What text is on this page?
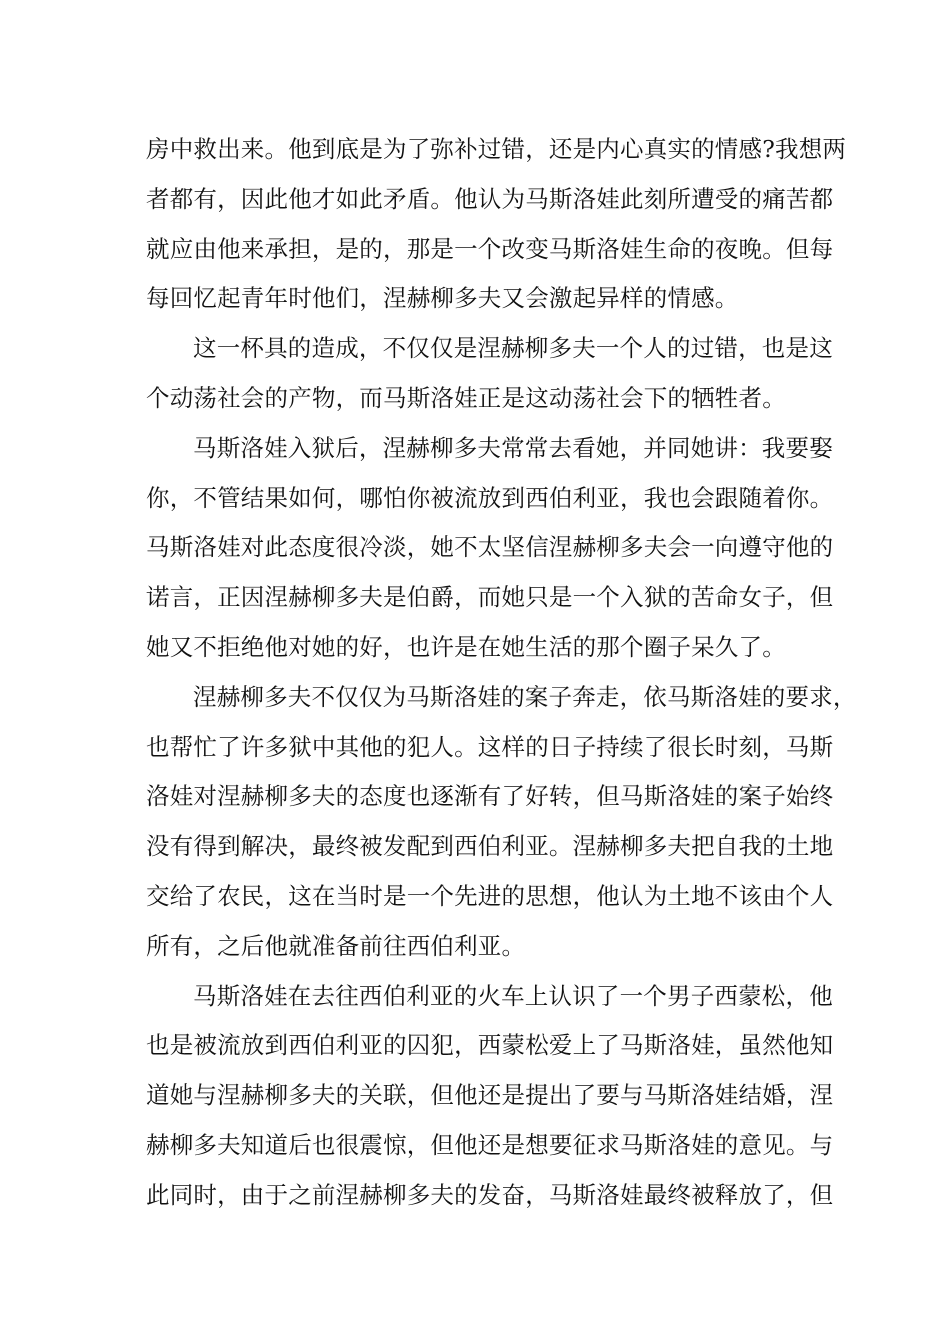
房中救出来。他到底是为了弥补过错，还是内心真实的情感?我想两
者都有，因此他才如此矛盾。他认为马斯洛娃此刻所遭受的痛苦都
就应由他来承担，是的，那是一个改变马斯洛娃生命的夜晚。但每
每回忆起青年时他们，涅赫柳多夫又会激起异样的情感。
这一杯具的造成，不仅仅是涅赫柳多夫一个人的过错，也是这
个动荡社会的产物，而马斯洛娃正是这动荡社会下的牺牲者。
马斯洛娃入狱后，涅赫柳多夫常常去看她，并同她讲：我要娶
你，不管结果如何，哪怕你被流放到西伯利亚，我也会跟随着你。
马斯洛娃对此态度很冷淡，她不太坚信涅赫柳多夫会一向遵守他的
诺言，正因涅赫柳多夫是伯爵，而她只是一个入狱的苦命女子，但
她又不拒绝他对她的好，也许是在她生活的那个圈子呆久了。
涅赫柳多夫不仅仅为马斯洛娃的案子奔走，依马斯洛娃的要求，
也帮忙了许多狱中其他的犯人。这样的日子持续了很长时刻，马斯
洛娃对涅赫柳多夫的态度也逐渐有了好转，但马斯洛娃的案子始终
没有得到解决，最终被发配到西伯利亚。涅赫柳多夫把自我的土地
交给了农民，这在当时是一个先进的思想，他认为土地不该由个人
所有，之后他就准备前往西伯利亚。
马斯洛娃在去往西伯利亚的火车上认识了一个男子西蒙松，他
也是被流放到西伯利亚的囚犯，西蒙松爱上了马斯洛娃，虽然他知
道她与涅赫柳多夫的关联，但他还是提出了要与马斯洛娃结婚，涅
赫柳多夫知道后也很震惊，但他还是想要征求马斯洛娃的意见。与
此同时，由于之前涅赫柳多夫的发奋，马斯洛娃最终被释放了，但
